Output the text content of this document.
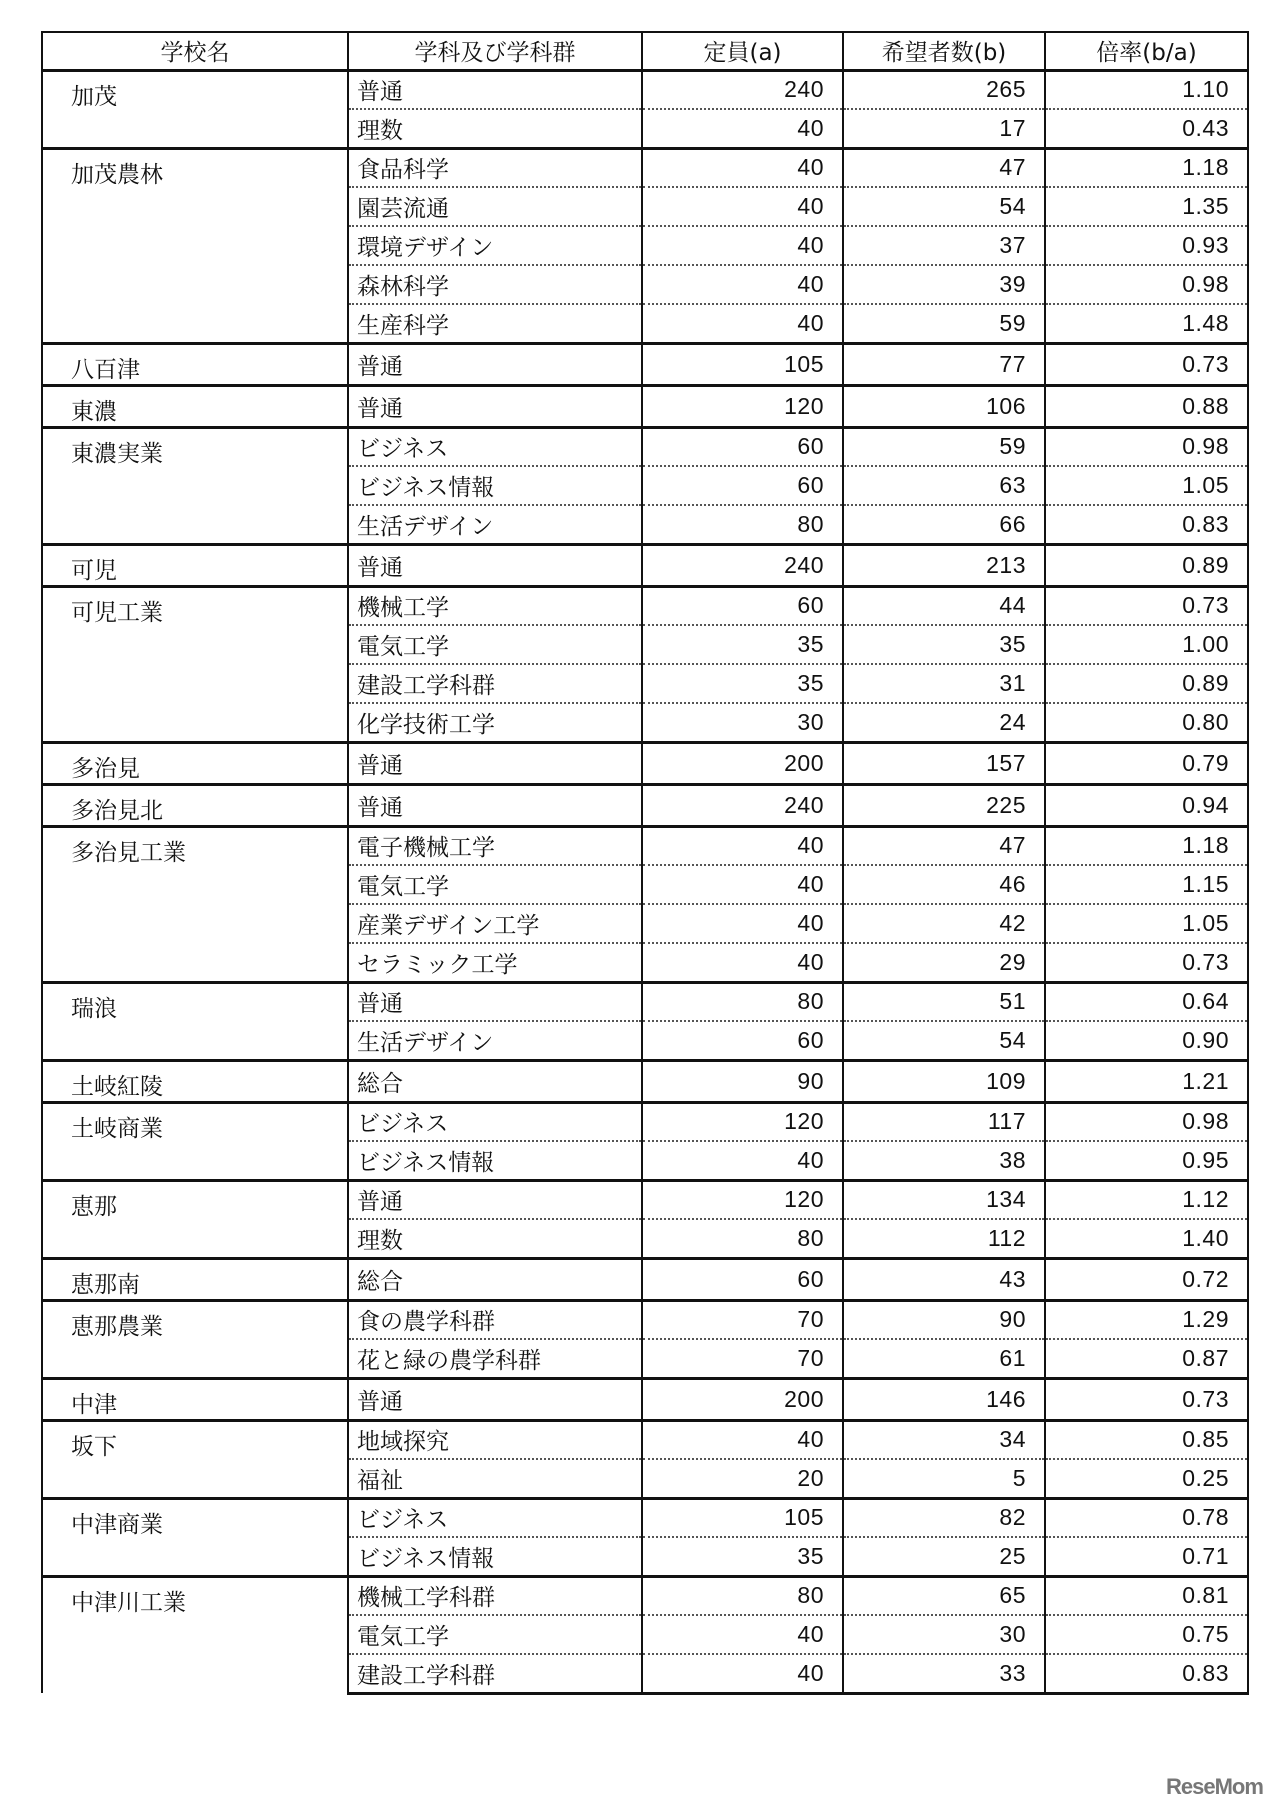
学校名	学科及び学科群	定員(a)	希望者数(b)	倍率(b/a)
加茂	普通	240	265	1.10
	理数	40	17	0.43
加茂農林	食品科学	40	47	1.18
	園芸流通	40	54	1.35
	環境デザイン	40	37	0.93
	森林科学	40	39	0.98
	生産科学	40	59	1.48
八百津	普通	105	77	0.73
東濃	普通	120	106	0.88
東濃実業	ビジネス	60	59	0.98
	ビジネス情報	60	63	1.05
	生活デザイン	80	66	0.83
可児	普通	240	213	0.89
可児工業	機械工学	60	44	0.73
	電気工学	35	35	1.00
	建設工学科群	35	31	0.89
	化学技術工学	30	24	0.80
多治見	普通	200	157	0.79
多治見北	普通	240	225	0.94
多治見工業	電子機械工学	40	47	1.18
	電気工学	40	46	1.15
	産業デザイン工学	40	42	1.05
	セラミック工学	40	29	0.73
瑞浪	普通	80	51	0.64
	生活デザイン	60	54	0.90
土岐紅陵	総合	90	109	1.21
土岐商業	ビジネス	120	117	0.98
	ビジネス情報	40	38	0.95
恵那	普通	120	134	1.12
	理数	80	112	1.40
恵那南	総合	60	43	0.72
恵那農業	食の農学科群	70	90	1.29
	花と緑の農学科群	70	61	0.87
中津	普通	200	146	0.73
坂下	地域探究	40	34	0.85
	福祉	20	5	0.25
中津商業	ビジネス	105	82	0.78
	ビジネス情報	35	25	0.71
中津川工業	機械工学科群	80	65	0.81
	電気工学	40	30	0.75
	建設工学科群	40	33	0.83
ReseMom
